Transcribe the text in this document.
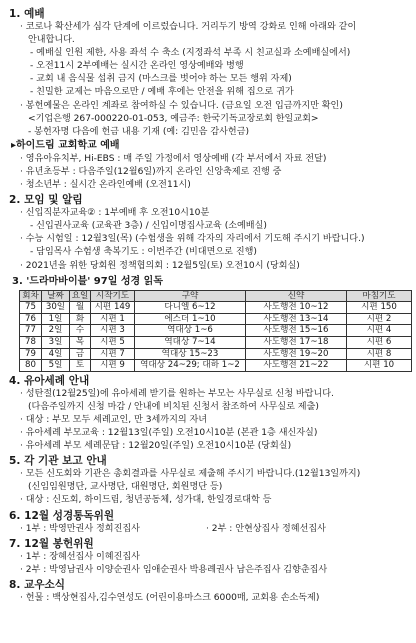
1. 예배
· 코로나 확산세가 심각 단계에 이르렀습니다. 거리두기 방역 강화로 인해 아래와 같이
안내합니다.
- 예배실 인원 제한, 사용 좌석 수 축소 (지정좌석 부족 시 친교실과 소예배실에서)
- 오전11시 2부예배는 실시간 온라인 영상예배와 병행
- 교회 내 음식물 섭취 금지 (마스크를 벗어야 하는 모든 행위 자제)
- 친밀한 교제는 마음으로만 / 예배 후에는 안전을 위해 집으로 귀가
· 봉헌예물은 온라인 계좌로 참여하실 수 있습니다. (금요일 오전 입금까지만 확인)
<기업은행 267-000220-01-053, 예금주: 한국기독교장로회 한일교회>
- 봉헌자명 다음에 헌금 내용 기재 (예: 김민음 감사헌금)
▸하이드림 교회학교 예배
· 영유아유치부, Hi-EBS : 매 주일 가정에서 영상예배 (각 부서에서 자료 전달)
· 유년초등부 : 다음주일(12월6일)까지 온라인 신앙축제로 진행 중
· 청소년부 : 실시간 온라인예배 (오전11시)
2. 모임 및 알림
· 신입직분자교육② : 1부예배 후 오전10시10분
- 신입권사교육 (교육관 3층) / 신입이명집사교육 (소예배실)
· 수능 시험일 : 12월3일(목) (수험생을 위해 각자의 자리에서 기도해 주시기 바랍니다.)
- 담임목사 수험생 축복기도 : 이번주간 (비대면으로 진행)
· 2021년을 위한 당회원 정책협의회 : 12월5일(토) 오전10시 (당회실)
3. '드라마바이블' 97일 성경 읽독
회차	날짜	요일	시작기도	구약	신약	마침기도
75	30일	월	시편 149	다니엘 6~12	사도행전 10~12	시편 150
76	1일	화	시편 1	에스더 1~10	사도행전 13~14	시편 2
77	2일	수	시편 3	역대상 1~6	사도행전 15~16	시편 4
78	3일	목	시편 5	역대상 7~14	사도행전 17~18	시편 6
79	4일	금	시편 7	역대상 15~23	사도행전 19~20	시편 8
80	5일	토	시편 9	역대상 24~29; 대하 1~2	사도행전 21~22	시편 10
4. 유아세례 안내
· 성탄절(12월25일)에 유아세례 받기를 원하는 부모는 사무실로 신청 바랍니다.
(다음주일까지 신청 마감 / 안내에 비치된 신청서 참조하여 사무실로 제출)
· 대상 : 부모 모두 세례교인, 만 3세까지의 자녀
· 유아세례 부모교육 : 12월13일(주일) 오전10시10분 (본관 1층 새신자실)
· 유아세례 부모 세례문답 : 12월20일(주일) 오전10시10분 (당회실)
5. 각 기관 보고 안내
· 모든 신도회와 기관은 총회결과를 사무실로 제출해 주시기 바랍니다.(12월13일까지)
(신임임원명단, 교사명단, 대원명단, 회원명단 등)
· 대상 : 신도회, 하이드림, 청년공동체, 성가대, 한일경로대학 등
6. 12월 성경통독위원
· 1부 : 박영만권사 정희진집사	· 2부 : 안현상집사 정혜선집사
7. 12월 봉헌위원
· 1부 : 장혜선집사 이혜진집사
· 2부 : 박영남권사 이양순권사 임애순권사 박용례권사 남은주집사 김향춘집사
8. 교우소식
· 헌물 : 백상현집사,김수연성도 (어린이용마스크 6000매, 교회용 손소독제)
